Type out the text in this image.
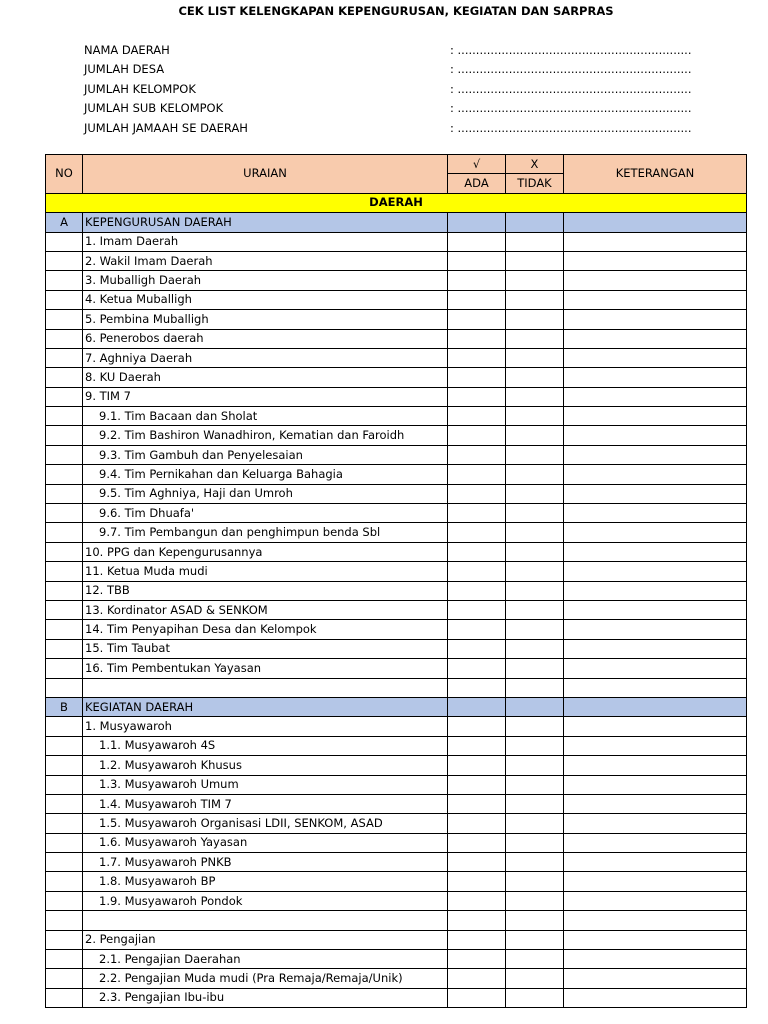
CEK LIST KELENGKAPAN KEPENGURUSAN, KEGIATAN DAN SARPRAS
NAMA DAERAH	: ................................................................
JUMLAH DESA	: ................................................................
JUMLAH KELOMPOK	: ................................................................
JUMLAH SUB KELOMPOK	: ................................................................
JUMLAH JAMAAH SE DAERAH	: ................................................................
NO	URAIAN	√	X	KETERANGAN
		ADA	TIDAK	
DAERAH				
A	KEPENGURUSAN DAERAH			
	1. Imam Daerah			
	2. Wakil Imam Daerah			
	3. Muballigh Daerah			
	4. Ketua Muballigh			
	5. Pembina Muballigh			
	6. Penerobos daerah			
	7. Aghniya Daerah			
	8. KU Daerah			
	9. TIM 7			
	9.1. Tim Bacaan dan Sholat			
	9.2. Tim Bashiron Wanadhiron, Kematian dan Faroidh			
	9.3. Tim Gambuh dan Penyelesaian			
	9.4. Tim Pernikahan dan Keluarga Bahagia			
	9.5. Tim Aghniya, Haji dan Umroh			
	9.6. Tim Dhuafa'			
	9.7. Tim Pembangun dan penghimpun benda Sbl			
	10. PPG dan Kepengurusannya			
	11. Ketua Muda mudi			
	12. TBB			
	13. Kordinator ASAD & SENKOM			
	14. Tim Penyapihan Desa dan Kelompok			
	15. Tim Taubat			
	16. Tim Pembentukan Yayasan			

B	KEGIATAN DAERAH			
	1. Musyawaroh			
	1.1. Musyawaroh 4S			
	1.2. Musyawaroh Khusus			
	1.3. Musyawaroh Umum			
	1.4. Musyawaroh TIM 7			
	1.5. Musyawaroh Organisasi LDII, SENKOM, ASAD			
	1.6. Musyawaroh Yayasan			
	1.7. Musyawaroh PNKB			
	1.8. Musyawaroh BP			
	1.9. Musyawaroh Pondok			

	2. Pengajian			
	2.1. Pengajian Daerahan			
	2.2. Pengajian Muda mudi (Pra Remaja/Remaja/Unik)			
	2.3. Pengajian Ibu-ibu			
